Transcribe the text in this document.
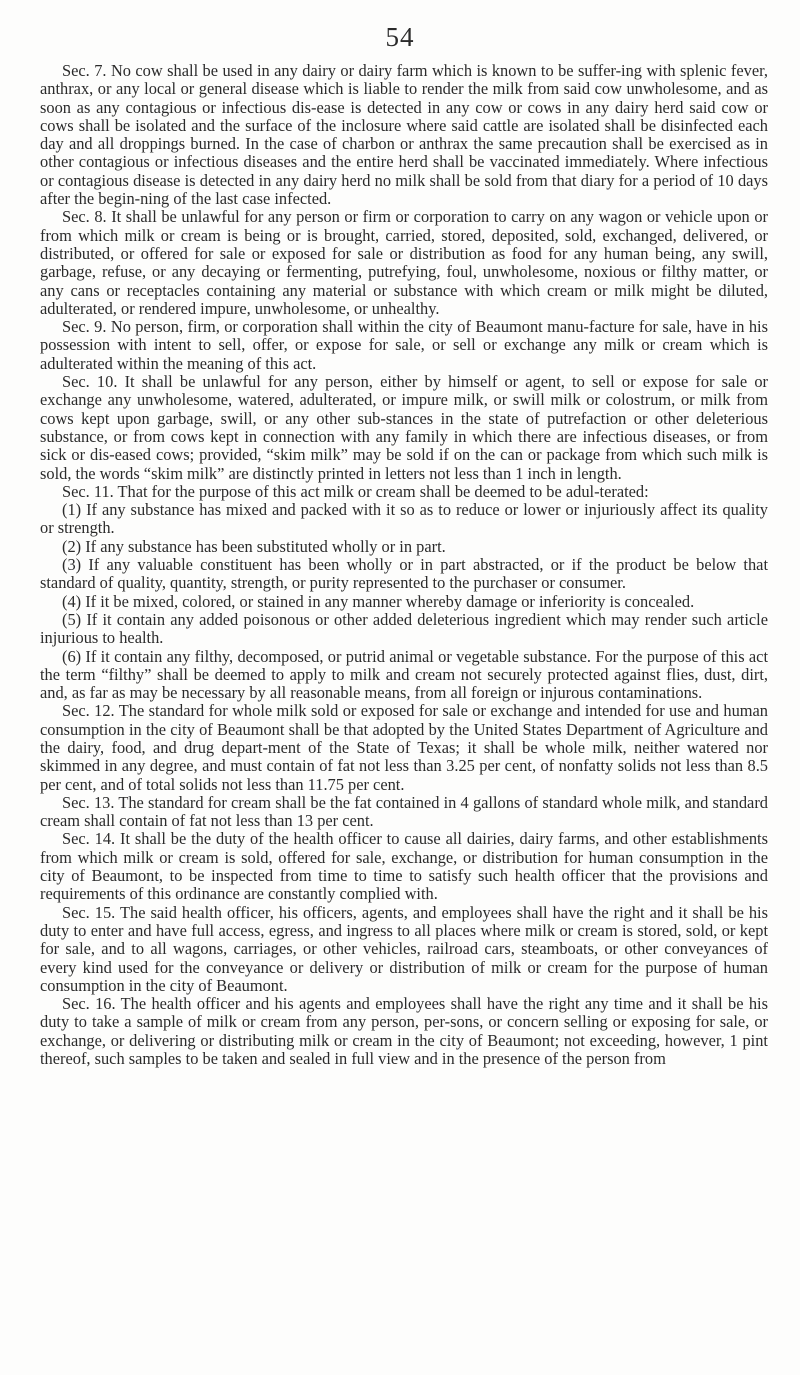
54

Sec. 7. No cow shall be used in any dairy or dairy farm which is known to be suffer-ing with splenic fever, anthrax, or any local or general disease which is liable to render the milk from said cow unwholesome, and as soon as any contagious or infectious dis-ease is detected in any cow or cows in any dairy herd said cow or cows shall be isolated and the surface of the inclosure where said cattle are isolated shall be disinfected each day and all droppings burned. In the case of charbon or anthrax the same precaution shall be exercised as in other contagious or infectious diseases and the entire herd shall be vaccinated immediately. Where infectious or contagious disease is detected in any dairy herd no milk shall be sold from that diary for a period of 10 days after the begin-ning of the last case infected.

Sec. 8. It shall be unlawful for any person or firm or corporation to carry on any wagon or vehicle upon or from which milk or cream is being or is brought, carried, stored, deposited, sold, exchanged, delivered, or distributed, or offered for sale or exposed for sale or distribution as food for any human being, any swill, garbage, refuse, or any decaying or fermenting, putrefying, foul, unwholesome, noxious or filthy matter, or any cans or receptacles containing any material or substance with which cream or milk might be diluted, adulterated, or rendered impure, unwholesome, or unhealthy.

Sec. 9. No person, firm, or corporation shall within the city of Beaumont manu-facture for sale, have in his possession with intent to sell, offer, or expose for sale, or sell or exchange any milk or cream which is adulterated within the meaning of this act.

Sec. 10. It shall be unlawful for any person, either by himself or agent, to sell or expose for sale or exchange any unwholesome, watered, adulterated, or impure milk, or swill milk or colostrum, or milk from cows kept upon garbage, swill, or any other sub-stances in the state of putrefaction or other deleterious substance, or from cows kept in connection with any family in which there are infectious diseases, or from sick or dis-eased cows; provided, “skim milk” may be sold if on the can or package from which such milk is sold, the words “skim milk” are distinctly printed in letters not less than 1 inch in length.

Sec. 11. That for the purpose of this act milk or cream shall be deemed to be adul-terated:

(1) If any substance has mixed and packed with it so as to reduce or lower or injuriously affect its quality or strength.

(2) If any substance has been substituted wholly or in part.

(3) If any valuable constituent has been wholly or in part abstracted, or if the product be below that standard of quality, quantity, strength, or purity represented to the purchaser or consumer.

(4) If it be mixed, colored, or stained in any manner whereby damage or inferiority is concealed.

(5) If it contain any added poisonous or other added deleterious ingredient which may render such article injurious to health.

(6) If it contain any filthy, decomposed, or putrid animal or vegetable substance. For the purpose of this act the term “filthy” shall be deemed to apply to milk and cream not securely protected against flies, dust, dirt, and, as far as may be necessary by all reasonable means, from all foreign or injurous contaminations.

Sec. 12. The standard for whole milk sold or exposed for sale or exchange and intended for use and human consumption in the city of Beaumont shall be that adopted by the United States Department of Agriculture and the dairy, food, and drug depart-ment of the State of Texas; it shall be whole milk, neither watered nor skimmed in any degree, and must contain of fat not less than 3.25 per cent, of nonfatty solids not less than 8.5 per cent, and of total solids not less than 11.75 per cent.

Sec. 13. The standard for cream shall be the fat contained in 4 gallons of standard whole milk, and standard cream shall contain of fat not less than 13 per cent.

Sec. 14. It shall be the duty of the health officer to cause all dairies, dairy farms, and other establishments from which milk or cream is sold, offered for sale, exchange, or distribution for human consumption in the city of Beaumont, to be inspected from time to time to satisfy such health officer that the provisions and requirements of this ordinance are constantly complied with.

Sec. 15. The said health officer, his officers, agents, and employees shall have the right and it shall be his duty to enter and have full access, egress, and ingress to all places where milk or cream is stored, sold, or kept for sale, and to all wagons, carriages, or other vehicles, railroad cars, steamboats, or other conveyances of every kind used for the conveyance or delivery or distribution of milk or cream for the purpose of human consumption in the city of Beaumont.

Sec. 16. The health officer and his agents and employees shall have the right any time and it shall be his duty to take a sample of milk or cream from any person, per-sons, or concern selling or exposing for sale, or exchange, or delivering or distributing milk or cream in the city of Beaumont; not exceeding, however, 1 pint thereof, such samples to be taken and sealed in full view and in the presence of the person from
